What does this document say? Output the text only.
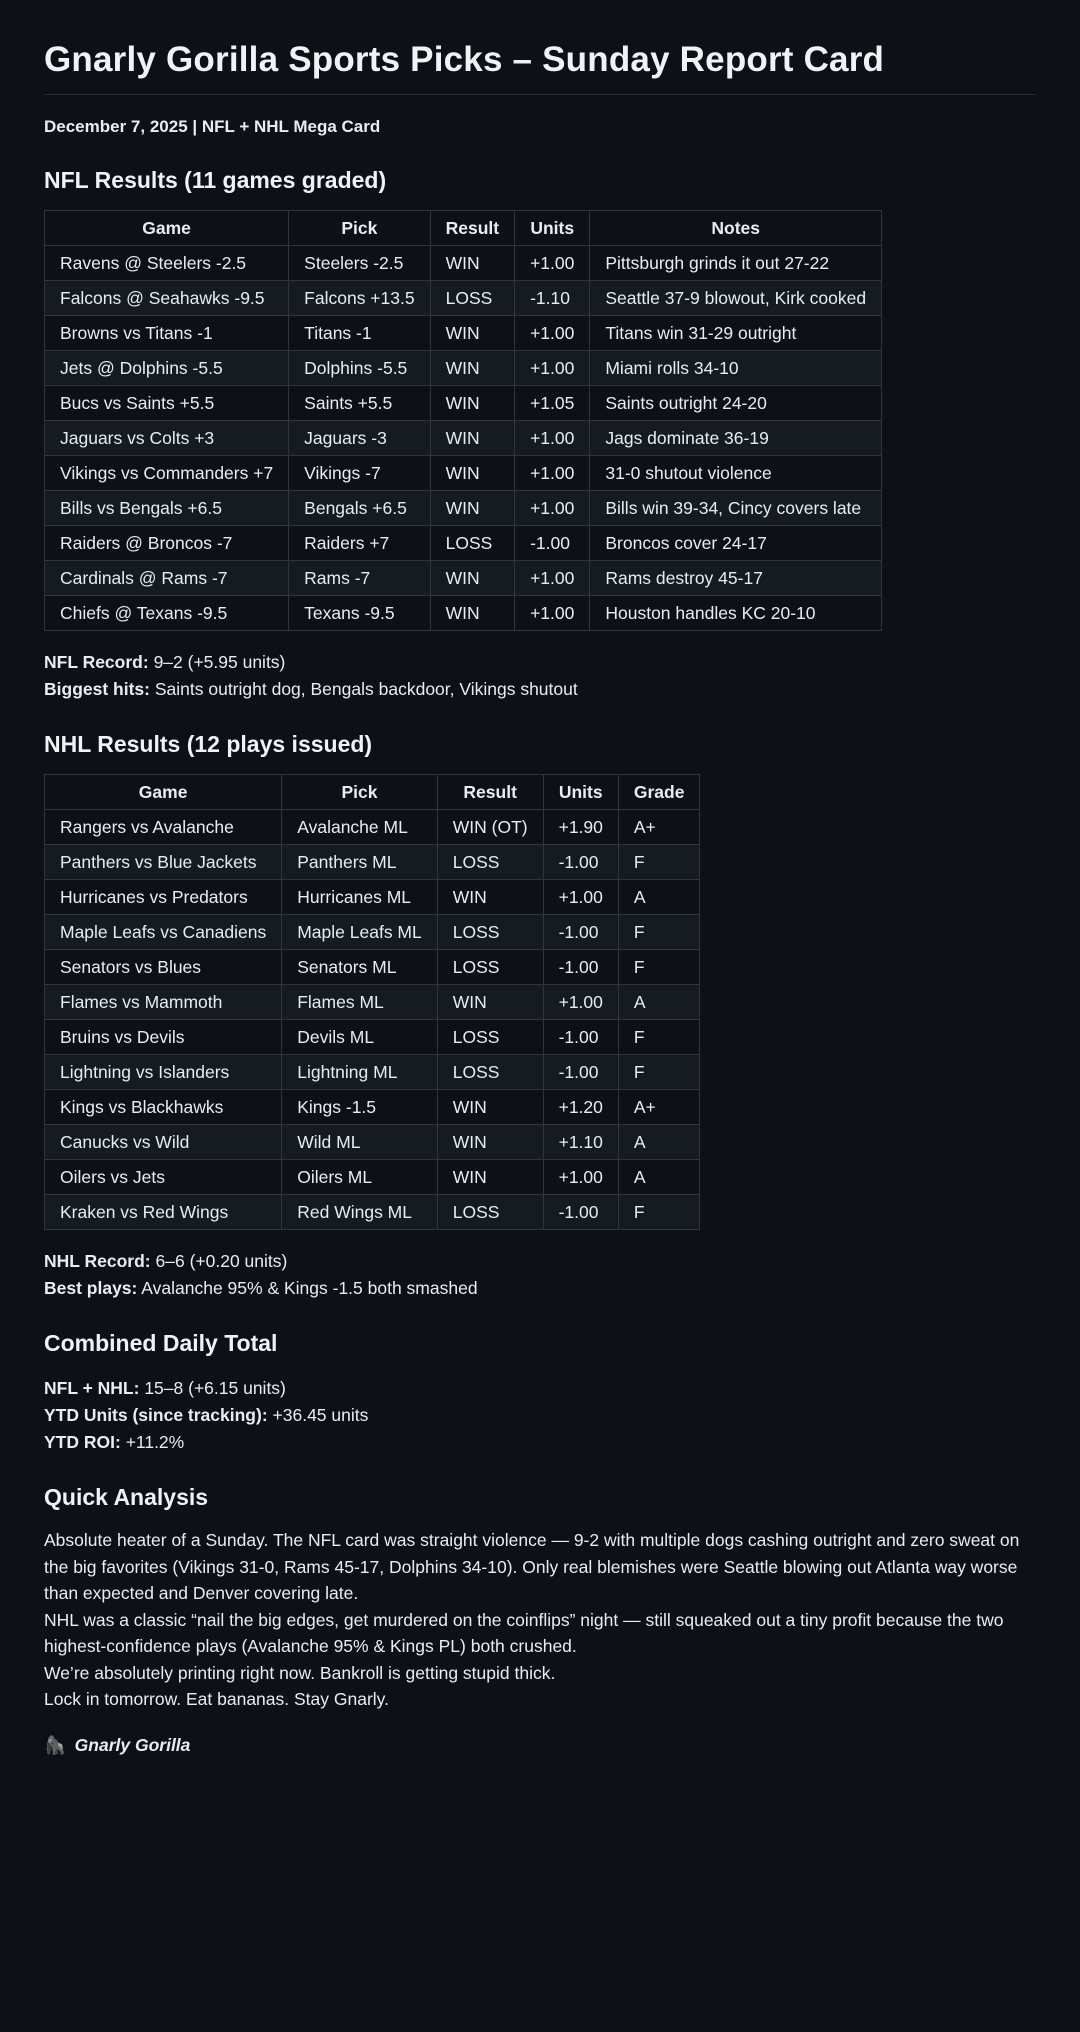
Gnarly Gorilla Sports Picks – Sunday Report Card
December 7, 2025 | NFL + NHL Mega Card
NFL Results (11 games graded)
Game	Pick	Result	Units	Notes
Ravens @ Steelers -2.5	Steelers -2.5	WIN	+1.00	Pittsburgh grinds it out 27-22
Falcons @ Seahawks -9.5	Falcons +13.5	LOSS	-1.10	Seattle 37-9 blowout, Kirk cooked
Browns vs Titans -1	Titans -1	WIN	+1.00	Titans win 31-29 outright
Jets @ Dolphins -5.5	Dolphins -5.5	WIN	+1.00	Miami rolls 34-10
Bucs vs Saints +5.5	Saints +5.5	WIN	+1.05	Saints outright 24-20
Jaguars vs Colts +3	Jaguars -3	WIN	+1.00	Jags dominate 36-19
Vikings vs Commanders +7	Vikings -7	WIN	+1.00	31-0 shutout violence
Bills vs Bengals +6.5	Bengals +6.5	WIN	+1.00	Bills win 39-34, Cincy covers late
Raiders @ Broncos -7	Raiders +7	LOSS	-1.00	Broncos cover 24-17
Cardinals @ Rams -7	Rams -7	WIN	+1.00	Rams destroy 45-17
Chiefs @ Texans -9.5	Texans -9.5	WIN	+1.00	Houston handles KC 20-10
NFL Record: 9–2 (+5.95 units)
Biggest hits: Saints outright dog, Bengals backdoor, Vikings shutout
NHL Results (12 plays issued)
Game	Pick	Result	Units	Grade
Rangers vs Avalanche	Avalanche ML	WIN (OT)	+1.90	A+
Panthers vs Blue Jackets	Panthers ML	LOSS	-1.00	F
Hurricanes vs Predators	Hurricanes ML	WIN	+1.00	A
Maple Leafs vs Canadiens	Maple Leafs ML	LOSS	-1.00	F
Senators vs Blues	Senators ML	LOSS	-1.00	F
Flames vs Mammoth	Flames ML	WIN	+1.00	A
Bruins vs Devils	Devils ML	LOSS	-1.00	F
Lightning vs Islanders	Lightning ML	LOSS	-1.00	F
Kings vs Blackhawks	Kings -1.5	WIN	+1.20	A+
Canucks vs Wild	Wild ML	WIN	+1.10	A
Oilers vs Jets	Oilers ML	WIN	+1.00	A
Kraken vs Red Wings	Red Wings ML	LOSS	-1.00	F
NHL Record: 6–6 (+0.20 units)
Best plays: Avalanche 95% & Kings -1.5 both smashed
Combined Daily Total
NFL + NHL: 15–8 (+6.15 units)
YTD Units (since tracking): +36.45 units
YTD ROI: +11.2%
Quick Analysis

Absolute heater of a Sunday. The NFL card was straight violence — 9-2 with multiple dogs cashing outright and zero sweat on the big favorites (Vikings 31-0, Rams 45-17, Dolphins 34-10). Only real blemishes were Seattle blowing out Atlanta way worse than expected and Denver covering late.

NHL was a classic “nail the big edges, get murdered on the coinflips” night — still squeaked out a tiny profit because the two highest-confidence plays (Avalanche 95% & Kings PL) both crushed.

We’re absolutely printing right now. Bankroll is getting stupid thick.

Lock in tomorrow. Eat bananas. Stay Gnarly.

🦍 Gnarly Gorilla
